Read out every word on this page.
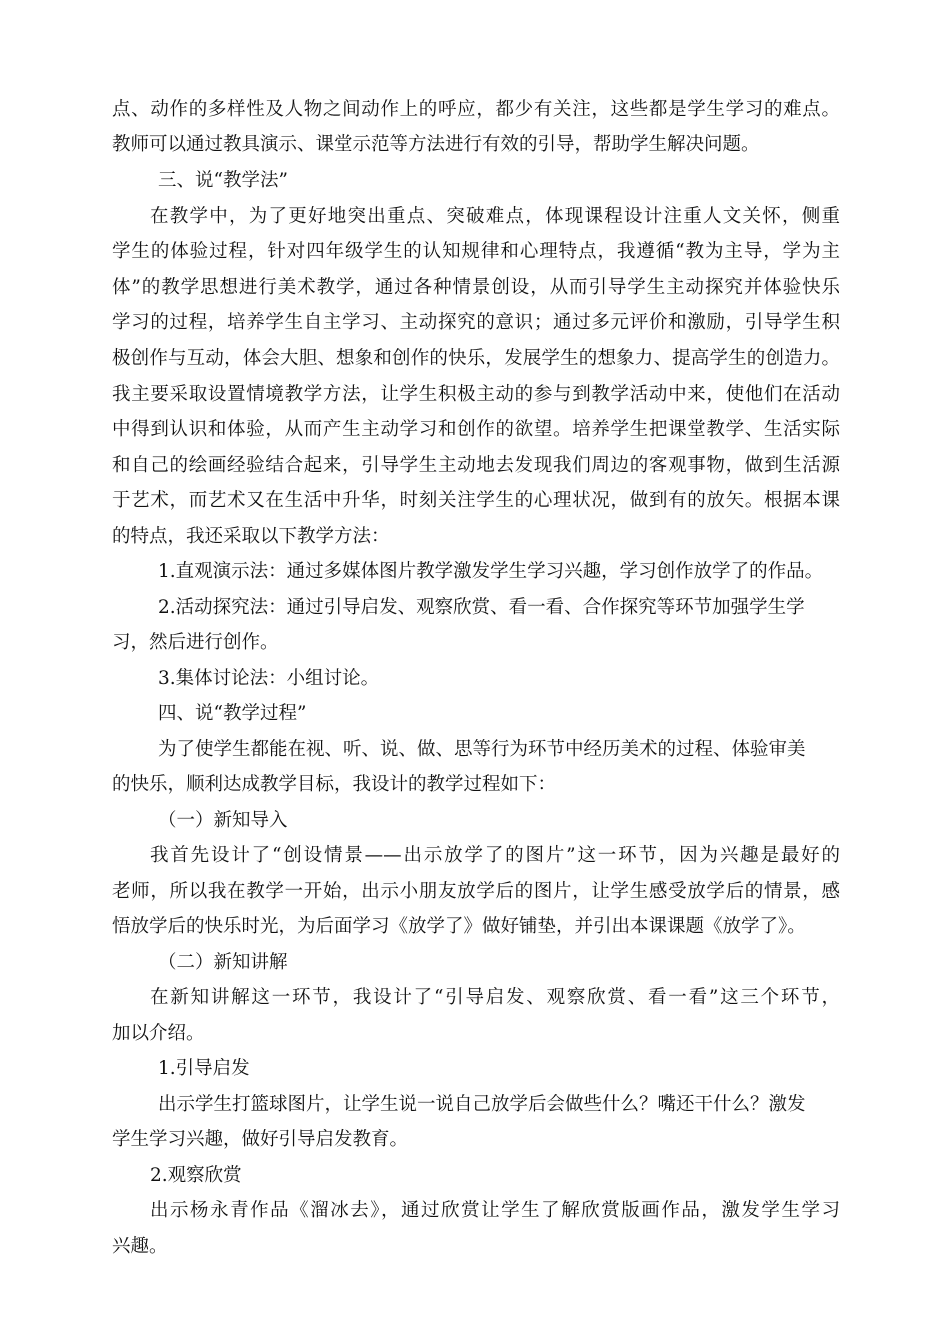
点、动作的多样性及人物之间动作上的呼应，都少有关注，这些都是学生学习的难点。
教师可以通过教具演示、课堂示范等方法进行有效的引导，帮助学生解决问题。
三、说“教学法”
在教学中，为了更好地突出重点、突破难点，体现课程设计注重人文关怀，侧重
学生的体验过程，针对四年级学生的认知规律和心理特点，我遵循“教为主导，学为主
体”的教学思想进行美术教学，通过各种情景创设，从而引导学生主动探究并体验快乐
学习的过程，培养学生自主学习、主动探究的意识；通过多元评价和激励，引导学生积
极创作与互动，体会大胆、想象和创作的快乐，发展学生的想象力、提高学生的创造力。
我主要采取设置情境教学方法，让学生积极主动的参与到教学活动中来，使他们在活动
中得到认识和体验，从而产生主动学习和创作的欲望。培养学生把课堂教学、生活实际
和自己的绘画经验结合起来，引导学生主动地去发现我们周边的客观事物，做到生活源
于艺术，而艺术又在生活中升华，时刻关注学生的心理状况，做到有的放矢。根据本课
的特点，我还采取以下教学方法：
1.直观演示法：通过多媒体图片教学激发学生学习兴趣，学习创作放学了的作品。
2.活动探究法：通过引导启发、观察欣赏、看一看、合作探究等环节加强学生学
习，然后进行创作。
3.集体讨论法：小组讨论。
四、说“教学过程”
为了使学生都能在视、听、说、做、思等行为环节中经历美术的过程、体验审美
的快乐，顺利达成教学目标，我设计的教学过程如下：
（一）新知导入
我首先设计了“创设情景——出示放学了的图片”这一环节，因为兴趣是最好的
老师，所以我在教学一开始，出示小朋友放学后的图片，让学生感受放学后的情景，感
悟放学后的快乐时光，为后面学习《放学了》做好铺垫，并引出本课课题《放学了》。
（二）新知讲解
在新知讲解这一环节，我设计了“引导启发、观察欣赏、看一看”这三个环节，
加以介绍。
1.引导启发
出示学生打篮球图片，让学生说一说自己放学后会做些什么？嘴还干什么？激发
学生学习兴趣，做好引导启发教育。
2.观察欣赏
出示杨永青作品《溜冰去》，通过欣赏让学生了解欣赏版画作品，激发学生学习
兴趣。
